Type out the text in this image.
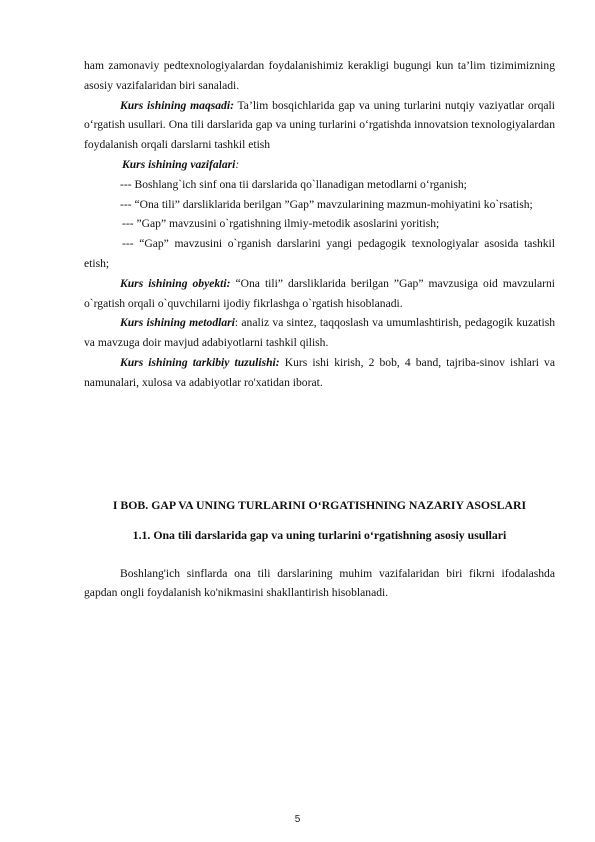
ham zamonaviy pedtexnologiyalardan foydalanishimiz kerakligi bugungi kun ta’lim tizimimizning asosiy vazifalaridan biri sanaladi.

Kurs ishining maqsadi: Ta’lim bosqichlarida gap va uning turlarini nutqiy vaziyatlar orqali o‘rgatish usullari. Ona tili darslarida gap va uning turlarini o‘rgatishda innovatsion texnologiyalardan foydalanish orqali darslarni tashkil etish

Kurs ishining vazifalari:

--- Boshlang`ich sinf ona tii darslarida qo`llanadigan metodlarni o‘rganish;

--- “Ona tili” darsliklarida berilgan ”Gap” mavzularining mazmun-mohiyatini ko`rsatish;

--- ”Gap” mavzusini o`rgatishning ilmiy-metodik asoslarini yoritish;

--- “Gap” mavzusini o`rganish darslarini yangi pedagogik texnologiyalar asosida tashkil etish;

Kurs ishining obyekti: “Ona tili” darsliklarida berilgan ”Gap” mavzusiga oid mavzularni o`rgatish orqali o`quvchilarni ijodiy fikrlashga o`rgatish hisoblanadi.

Kurs ishining metodlari: analiz va sintez, taqqoslash va umumlashtirish, pedagogik kuzatish va mavzuga doir mavjud adabiyotlarni tashkil qilish.

Kurs ishining tarkibiy tuzulishi: Kurs ishi kirish, 2 bob, 4 band, tajriba-sinov ishlari va namunalari, xulosa va adabiyotlar ro'xatidan iborat.

I BOB. GAP VA UNING TURLARINI O‘RGATISHNING NAZARIY ASOSLARI

1.1. Ona tili darslarida gap va uning turlarini o‘rgatishning asosiy usullari

Boshlang'ich sinflarda ona tili darslarining muhim vazifalaridan biri fikrni ifodalashda gapdan ongli foydalanish ko'nikmasini shakllantirish hisoblanadi.

5
